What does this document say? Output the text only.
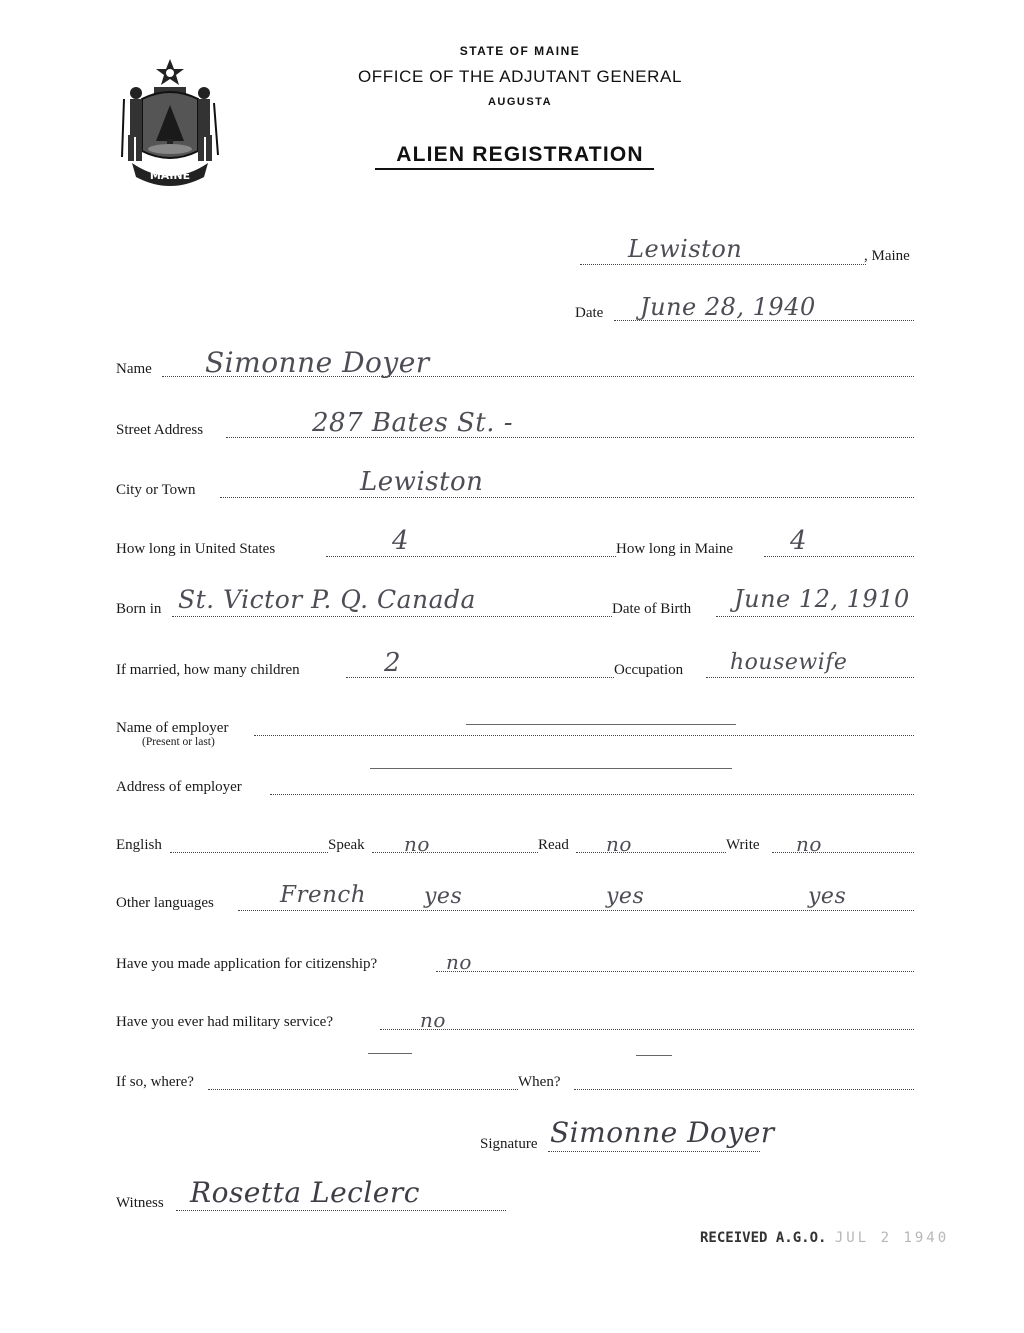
STATE OF MAINE
OFFICE OF THE ADJUTANT GENERAL
AUGUSTA
ALIEN REGISTRATION
MAINE
Lewiston	, Maine
Date June 28, 1940
Name Simonne Doyer
Street Address	287 Bates St. -
City or Town	Lewiston
How long in United States	4	How long in Maine 4
Born in St. Victor P. Q. Canada	Date of Birth June 12, 1910
If married, how many children	2	Occupation housewife
Name of employer
(Present or last)
Address of employer
English	Speak no	Read no	Write no
Other languages	French	yes	yes	yes
Have you made application for citizenship?	no
Have you ever had military service?	no
If so, where?	When?
Signature Simonne Doyer
Witness Rosetta Leclerc
RECEIVED A.G.O. JUL 2 1940
